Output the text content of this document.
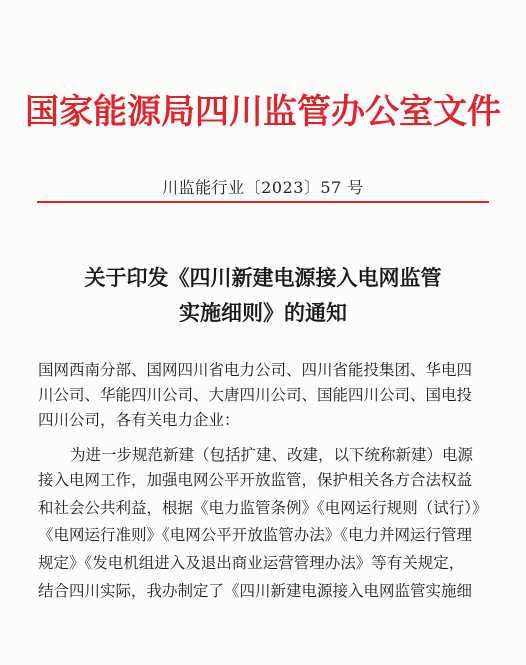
国家能源局四川监管办公室文件
川监能行业〔2023〕57 号
关于印发《四川新建电源接入电网监管
实施细则》的通知
国网西南分部、国网四川省电力公司、四川省能投集团、华电四
川公司、华能四川公司、大唐四川公司、国能四川公司、国电投
四川公司，各有关电力企业：
为进一步规范新建（包括扩建、改建，以下统称新建）电源
接入电网工作，加强电网公平开放监管，保护相关各方合法权益
和社会公共利益，根据《电力监管条例》《电网运行规则（试行）》
《电网运行准则》《电网公平开放监管办法》《电力并网运行管理
规定》《发电机组进入及退出商业运营管理办法》等有关规定，
结合四川实际，我办制定了《四川新建电源接入电网监管实施细
